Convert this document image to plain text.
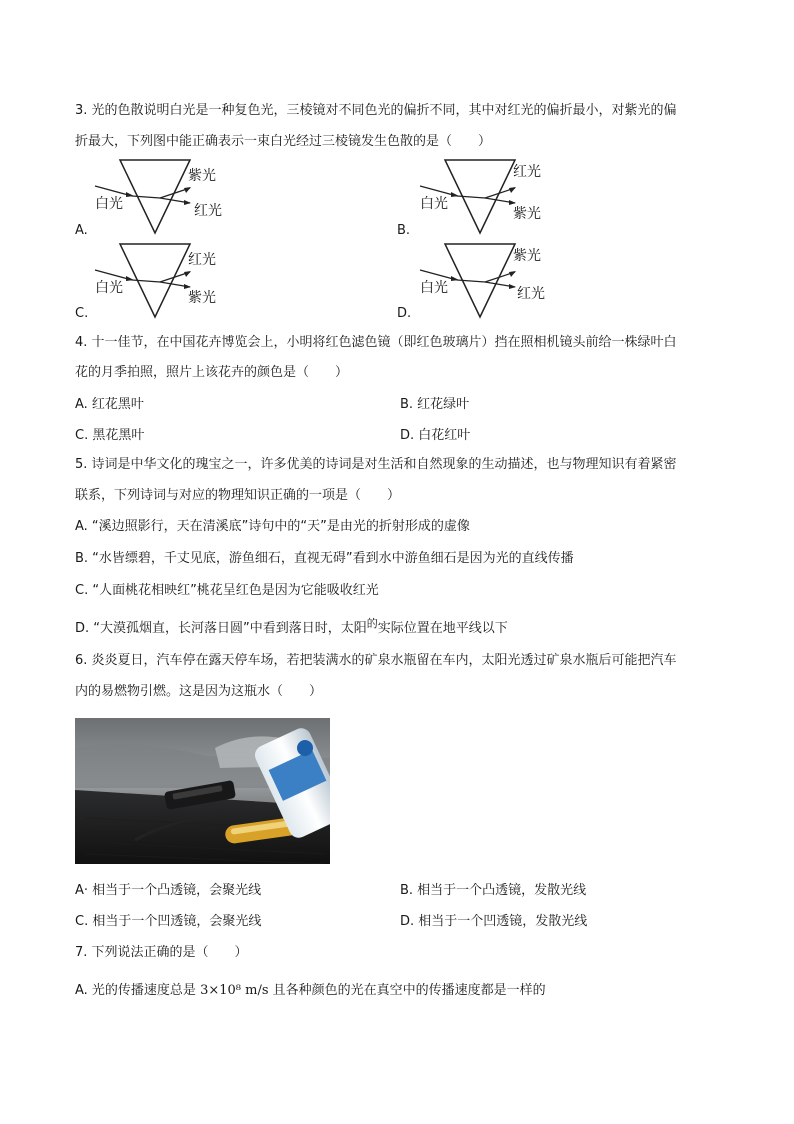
3. 光的色散说明白光是一种复色光，三棱镜对不同色光的偏折不同，其中对红光的偏折最小，对紫光的偏
折最大，下列图中能正确表示一束白光经过三棱镜发生色散的是（　　）
A.
白光
紫光
红光
B.
白光
红光
紫光
C.
白光
红光
紫光
D.
白光
紫光
红光
4. 十一佳节，在中国花卉博览会上，小明将红色滤色镜（即红色玻璃片）挡在照相机镜头前给一株绿叶白
花的月季拍照，照片上该花卉的颜色是（　　）
A. 红花黑叶	B. 红花绿叶
C. 黑花黑叶	D. 白花红叶
5. 诗词是中华文化的瑰宝之一，许多优美的诗词是对生活和自然现象的生动描述，也与物理知识有着紧密
联系，下列诗词与对应的物理知识正确的一项是（　　）
A. “溪边照影行，天在清溪底”诗句中的“天”是由光的折射形成的虚像
B. “水皆缥碧，千丈见底，游鱼细石，直视无碍”看到水中游鱼细石是因为光的直线传播
C. “人面桃花相映红”桃花呈红色是因为它能吸收红光
D. “大漠孤烟直，长河落日圆”中看到落日时，太阳$^的$实际位置在地平线以下
6. 炎炎夏日，汽车停在露天停车场，若把装满水的矿泉水瓶留在车内，太阳光透过矿泉水瓶后可能把汽车
内的易燃物引燃。这是因为这瓶水（　　）
A· 相当于一个凸透镜，会聚光线	B. 相当于一个凸透镜，发散光线
C. 相当于一个凹透镜，会聚光线	D. 相当于一个凹透镜，发散光线
7. 下列说法正确的是（　　）
A. 光的传播速度总是 3×10⁸ m/s 且各种颜色的光在真空中的传播速度都是一样的
